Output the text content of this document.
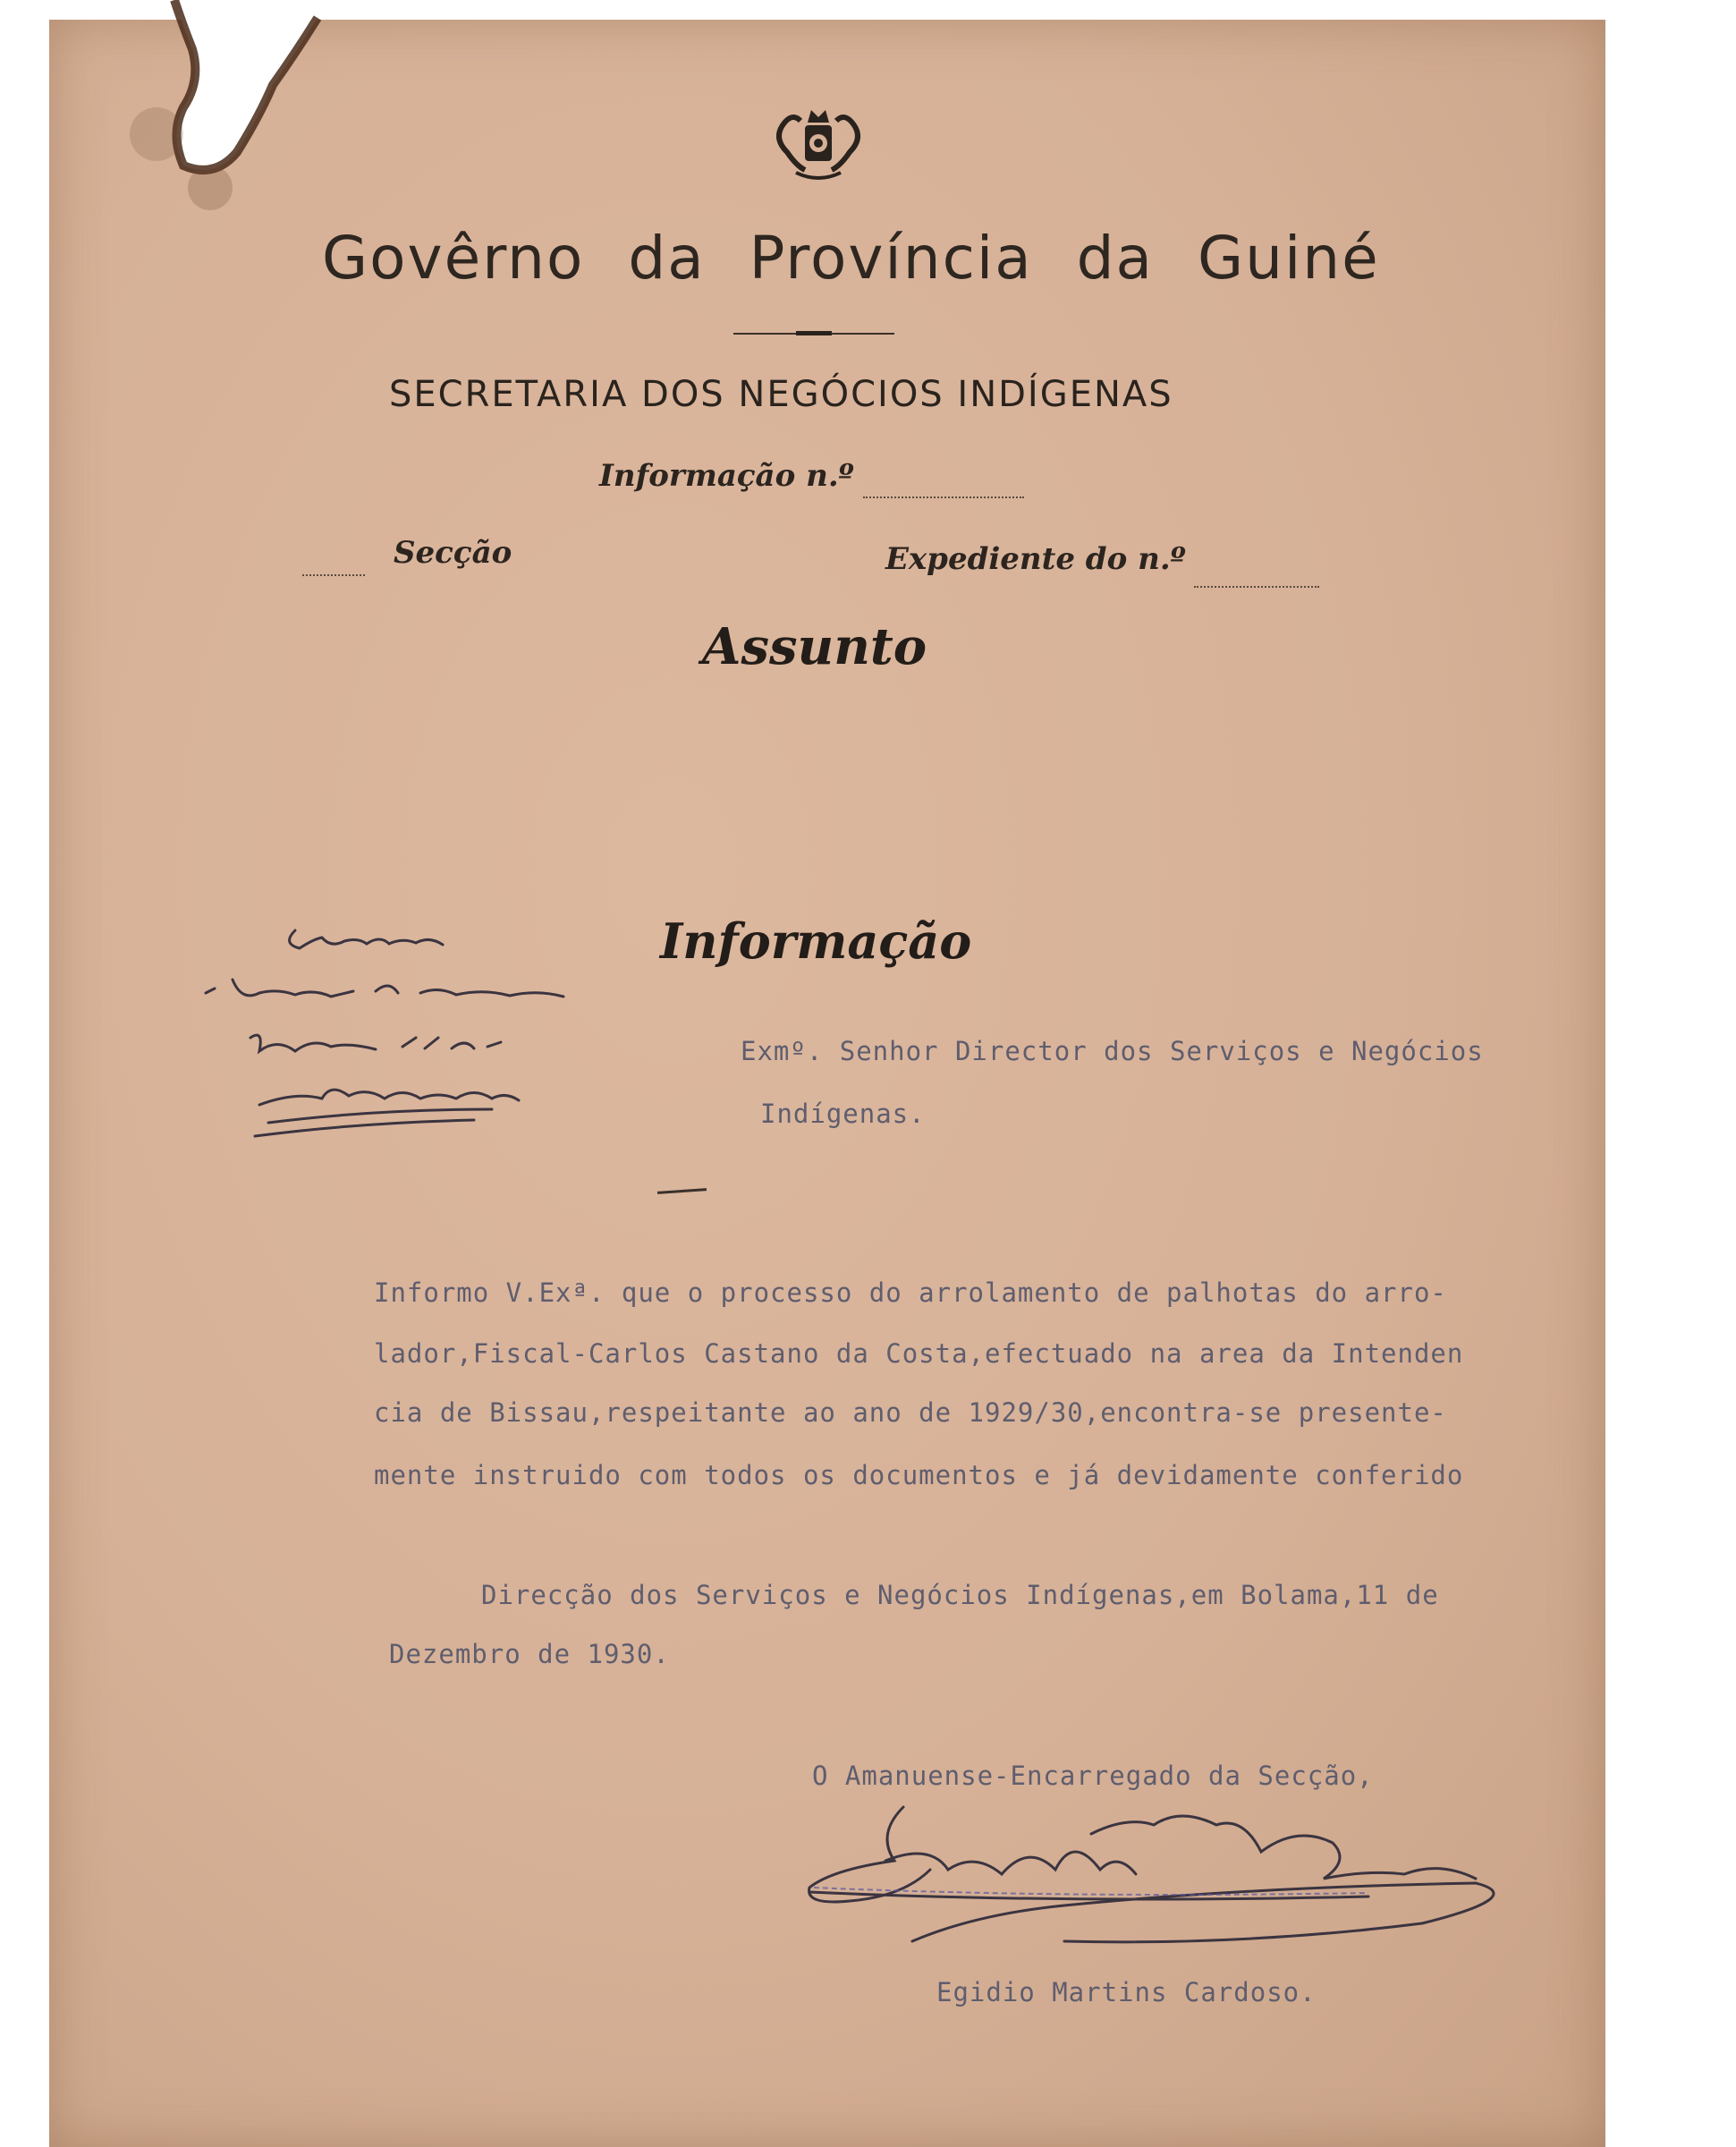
Govêrno da Província da Guiné
SECRETARIA DOS NEGÓCIOS INDÍGENAS
Informação n.º
Secção	Expediente do n.º
Assunto
Informação
Exmº. Senhor Director dos Serviços e Negócios
Indígenas.
Informo V.Exª. que o processo do arrolamento de palhotas do arro-
lador,Fiscal-Carlos Castano da Costa,efectuado na area da Intenden
cia de Bissau,respeitante ao ano de 1929/30,encontra-se presente-
mente instruido com todos os documentos e já devidamente conferido
Direcção dos Serviços e Negócios Indígenas,em Bolama,11 de
Dezembro de 1930.
O Amanuense-Encarregado da Secção,
Egidio Martins Cardoso.
